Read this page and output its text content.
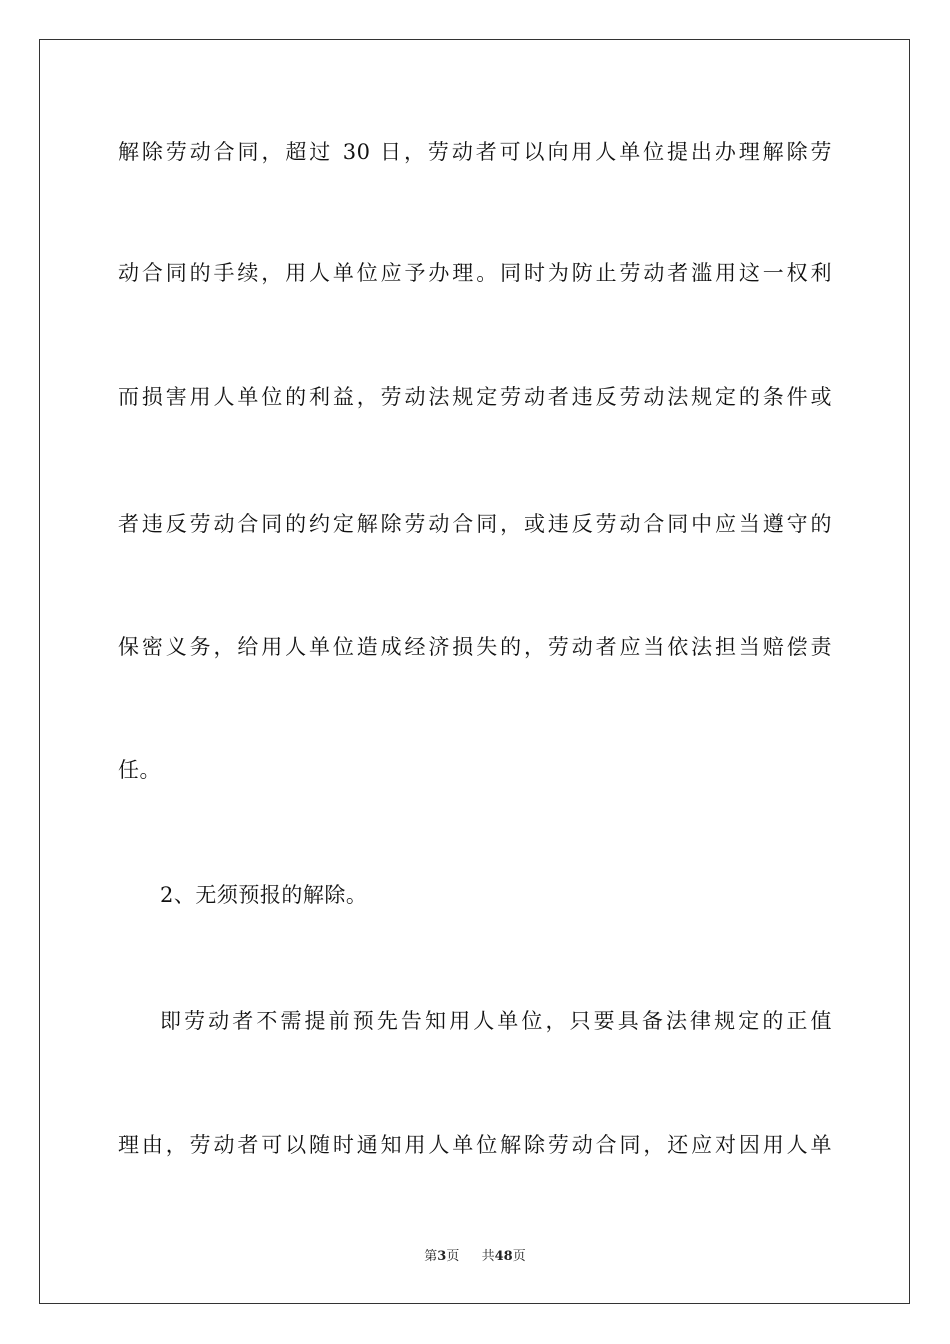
解除劳动合同，超过 30 日，劳动者可以向用人单位提出办理解除劳
动合同的手续，用人单位应予办理。同时为防止劳动者滥用这一权利
而损害用人单位的利益，劳动法规定劳动者违反劳动法规定的条件或
者违反劳动合同的约定解除劳动合同，或违反劳动合同中应当遵守的
保密义务，给用人单位造成经济损失的，劳动者应当依法担当赔偿责
任。
2、无须预报的解除。
即劳动者不需提前预先告知用人单位，只要具备法律规定的正值
理由，劳动者可以随时通知用人单位解除劳动合同，还应对因用人单
第3页 共48页
